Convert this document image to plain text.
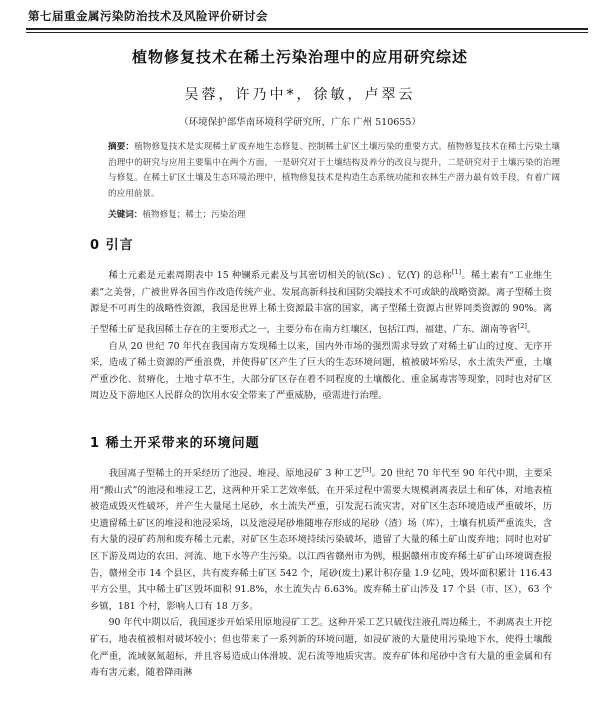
第七届重金属污染防治技术及风险评价研讨会
植物修复技术在稀土污染治理中的应用研究综述
吴蓉，许乃中*，徐敏，卢翠云
（环境保护部华南环境科学研究所，广东 广州 510655）
摘要：植物修复技术是实现稀土矿废弃地生态修复、控制稀土矿区土壤污染的重要方式。植物修复技术在稀土污染土壤治理中的研究与应用主要集中在两个方面，一是研究对于土壤结构及养分的改良与提升，二是研究对于土壤污染的治理与修复。在稀土矿区土壤及生态环境治理中，植物修复技术是构造生态系统功能和农林生产潜力最有效手段，有着广阔的应用前景。
关键词：植物修复；稀土；污染治理
0 引言

稀土元素是元素周期表中 15 种镧系元素及与其密切相关的钪(Sc) 、钇(Y) 的总称[1]。稀土素有“工业维生素”之美誉，广被世界各国当作改造传统产业、发展高新科技和国防尖端技术不可或缺的战略资源。离子型稀土资源是不可再生的战略性资源，我国是世界上稀土资源最丰富的国家，离子型稀土资源占世界同类资源的 90%。离子型稀土矿是我国稀土存在的主要形式之一，主要分布在南方红壤区，包括江西、福建、广东、湖南等省[2]。

自从 20 世纪 70 年代在我国南方发现稀土以来，国内外市场的强烈需求导致了对稀土矿山的过度、无序开采，造成了稀土资源的严重浪费，并使得矿区产生了巨大的生态环境问题，植被破坏殆尽，水土流失严重，土壤严重沙化、贫瘠化，土地寸草不生，大部分矿区存在着不同程度的土壤酸化、重金属毒害等现象，同时也对矿区周边及下游地区人民群众的饮用水安全带来了严重威胁，亟需进行治理。

1 稀土开采带来的环境问题

我国离子型稀土的开采经历了池浸、堆浸、原地浸矿 3 种工艺[3]。20 世纪 70 年代至 90 年代中期，主要采用“搬山式”的池浸和堆浸工艺，这两种开采工艺效率低，在开采过程中需要大规模剥离表层土和矿体，对地表植被造成毁灭性破坏，并产生大量尾土尾砂，水土流失严重，引发泥石流灾害，对矿区生态环境造成严重破坏，历史遗留稀土矿区的堆浸和池浸采场，以及池浸尾砂堆随堆存形成的尾砂（渣）场（库），土壤有机质严重流失，含有大量的浸矿药剂和废弃稀土元素，对矿区生态环境持续污染破坏，遗留了大量的稀土矿山废弃地；同时也对矿区下游及周边的农田、河流、地下水等产生污染。以江西省赣州市为例，根据赣州市废弃稀土矿矿山环境调查报告，赣州全市 14 个县区，共有废弃稀土矿区 542 个，尾砂(废土)累计积存量 1.9 亿吨，毁坏面积累计 116.43 平方公里，其中稀土矿区毁坏面积 91.8%，水土流失占 6.63%。废弃稀土矿山涉及 17 个县（市、区），63 个乡镇，181 个村，影响人口有 18 万多。

90 年代中期以后，我国逐步开始采用原地浸矿工艺。这种开采工艺只破伐注液孔周边稀土，不剥离表土开挖矿石，地表植被相对破坏较小；但也带来了一系列新的环境问题，如浸矿液的大量使用污染地下水，使得土壤酸化严重，流域氨氮超标，并且容易造成山体滑坡、泥石流等地质灾害。废弃矿体和尾砂中含有大量的重金属和有毒有害元素，随着降雨淋
